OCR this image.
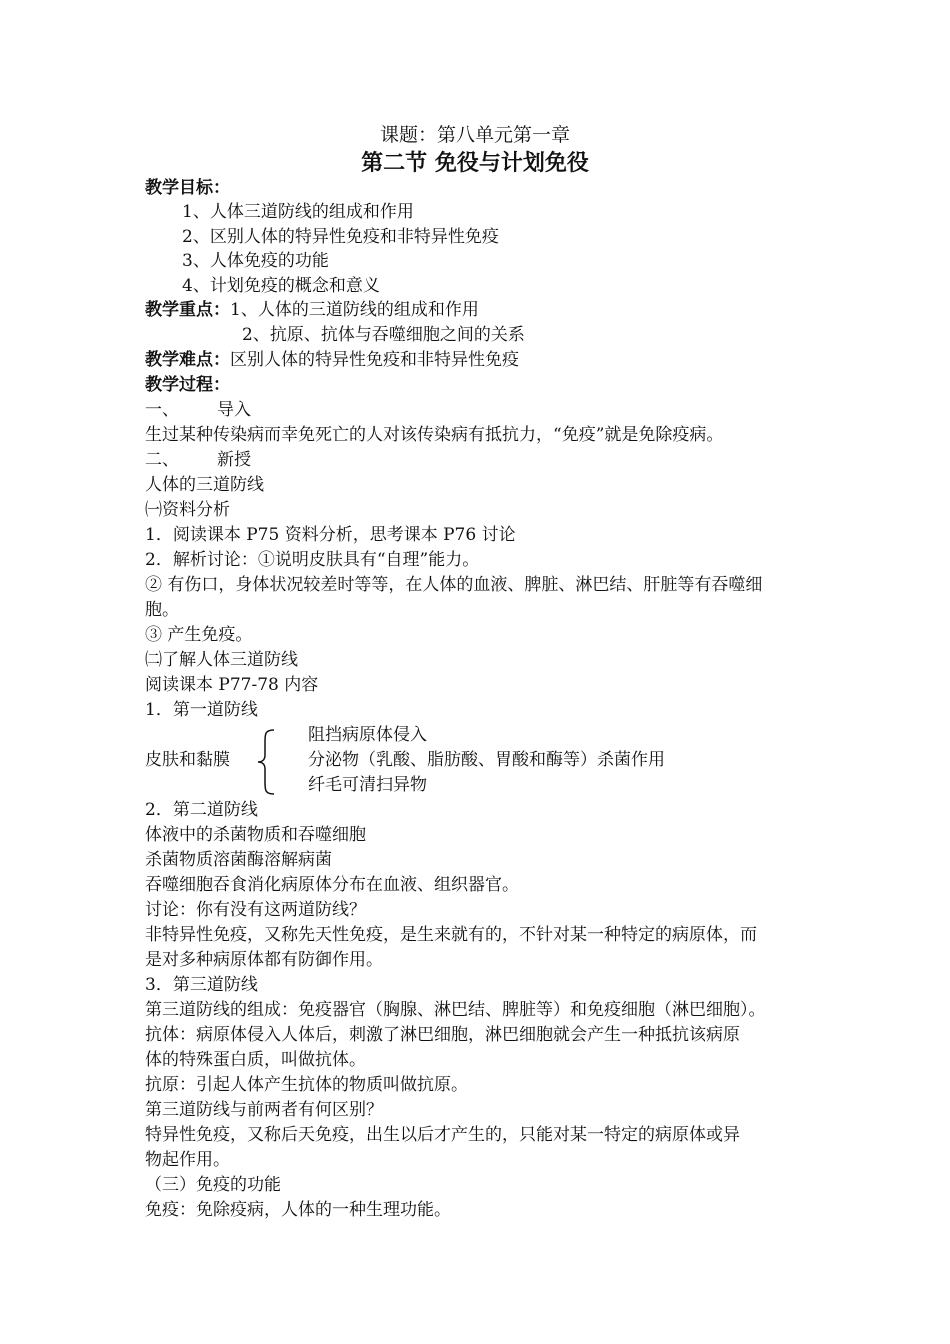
课题：第八单元第一章
第二节 免役与计划免役
教学目标：
1、人体三道防线的组成和作用
2、区别人体的特异性免疫和非特异性免疫
3、人体免疫的功能
4、计划免疫的概念和意义
教学重点：1、人体的三道防线的组成和作用
2、抗原、抗体与吞噬细胞之间的关系
教学难点：区别人体的特异性免疫和非特异性免疫
教学过程：
一、 导入
生过某种传染病而幸免死亡的人对该传染病有抵抗力，“免疫”就是免除疫病。
二、 新授
人体的三道防线
㈠资料分析
1．阅读课本 P75 资料分析，思考课本 P76 讨论
2．解析讨论：①说明皮肤具有“自理”能力。
② 有伤口，身体状况较差时等等，在人体的血液、脾脏、淋巴结、肝脏等有吞噬细
胞。
③ 产生免疫。
㈡了解人体三道防线
阅读课本 P77-78 内容
1．第一道防线
皮肤和黏膜
阻挡病原体侵入
分泌物（乳酸、脂肪酸、胃酸和酶等）杀菌作用
纤毛可清扫异物
2．第二道防线
体液中的杀菌物质和吞噬细胞
杀菌物质溶菌酶溶解病菌
吞噬细胞吞食消化病原体分布在血液、组织器官。
讨论：你有没有这两道防线？
非特异性免疫，又称先天性免疫，是生来就有的，不针对某一种特定的病原体，而
是对多种病原体都有防御作用。
3．第三道防线
第三道防线的组成：免疫器官（胸腺、淋巴结、脾脏等）和免疫细胞（淋巴细胞）。
抗体：病原体侵入人体后，刺激了淋巴细胞，淋巴细胞就会产生一种抵抗该病原
体的特殊蛋白质，叫做抗体。
抗原：引起人体产生抗体的物质叫做抗原。
第三道防线与前两者有何区别？
特异性免疫，又称后天免疫，出生以后才产生的，只能对某一特定的病原体或异
物起作用。
（三）免疫的功能
免疫：免除疫病，人体的一种生理功能。
